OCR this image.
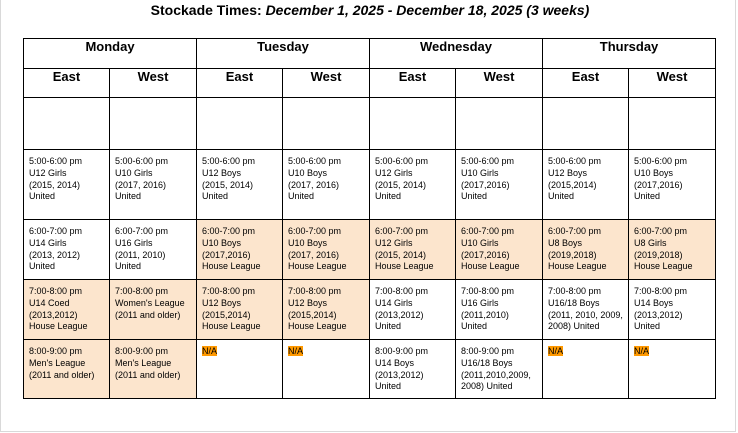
Stockade Times: December 1, 2025 - December 18, 2025 (3 weeks)
Monday		Tuesday		Wednesday		Thursday	
East	West	East	West	East	West	East	West

5:00-6:00 pm
U12 Girls
(2015, 2014)
United	5:00-6:00 pm
U10 Girls
(2017, 2016)
United	5:00-6:00 pm
U12 Boys
(2015, 2014)
United	5:00-6:00 pm
U10 Boys
(2017, 2016)
United	5:00-6:00 pm
U12 Girls
(2015, 2014)
United	5:00-6:00 pm
U10 Girls
(2017,2016)
United	5:00-6:00 pm
U12 Boys
(2015,2014)
United	5:00-6:00 pm
U10 Boys
(2017,2016)
United

6:00-7:00 pm
U14 Girls
(2013, 2012)
United	6:00-7:00 pm
U16 Girls
(2011, 2010)
United	6:00-7:00 pm
U10 Boys
(2017,2016)
House League	6:00-7:00 pm
U10 Boys
(2017, 2016)
House League	6:00-7:00 pm
U12 Girls
(2015, 2014)
House League	6:00-7:00 pm
U10 Girls
(2017,2016)
House League	6:00-7:00 pm
U8 Boys
(2019,2018)
House League	6:00-7:00 pm
U8 Girls
(2019,2018)
House League

7:00-8:00 pm
U14 Coed
(2013,2012)
House League	7:00-8:00 pm
Women's League
(2011 and older)	7:00-8:00 pm
U12 Boys
(2015,2014)
House League	7:00-8:00 pm
U12 Boys
(2015,2014)
House League	7:00-8:00 pm
U14 Girls
(2013,2012)
United	7:00-8:00 pm
U16 Girls
(2011,2010)
United	7:00-8:00 pm
U16/18 Boys
(2011, 2010, 2009,
2008) United	7:00-8:00 pm
U14 Boys
(2013,2012)
United

8:00-9:00 pm
Men's League
(2011 and older)	8:00-9:00 pm
Men's League
(2011 and older)	N/A	N/A	8:00-9:00 pm
U14 Boys
(2013,2012)
United	8:00-9:00 pm
U16/18 Boys
(2011,2010,2009,
2008) United	N/A	N/A
